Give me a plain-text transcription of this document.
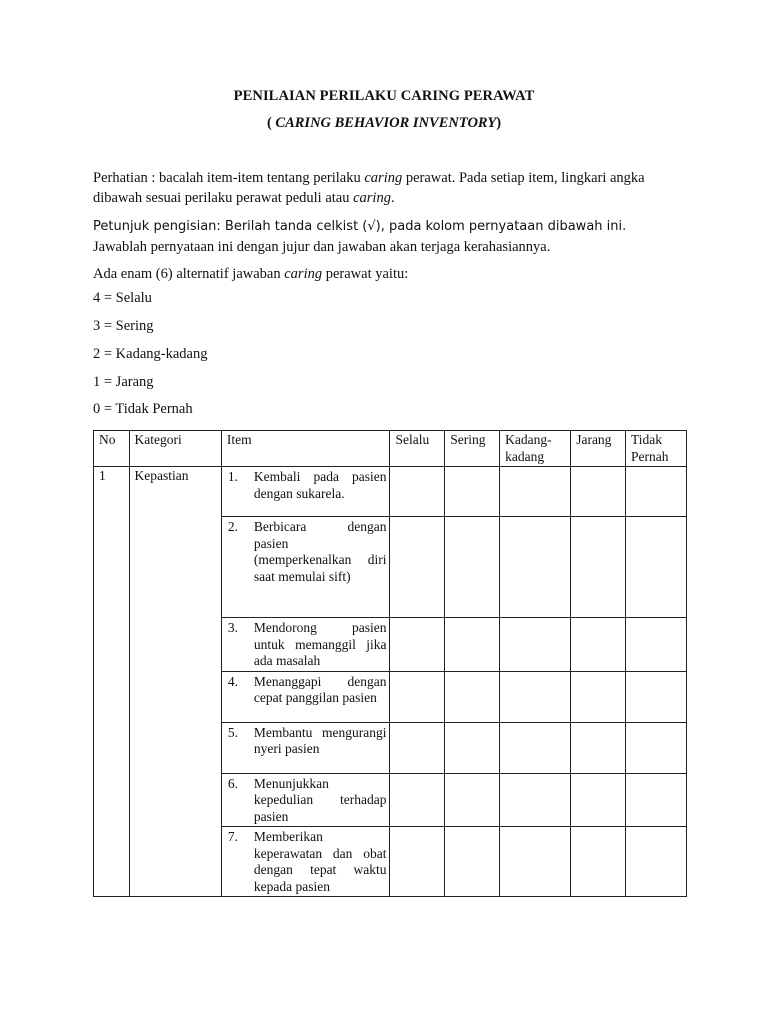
PENILAIAN PERILAKU CARING PERAWAT
( CARING BEHAVIOR INVENTORY)
Perhatian : bacalah item-item tentang perilaku caring perawat. Pada setiap item, lingkari angka dibawah sesuai perilaku perawat peduli atau caring.
Petunjuk pengisian: Berilah tanda celkist (√), pada kolom pernyataan dibawah ini. Jawablah pernyataan ini dengan jujur dan jawaban akan terjaga kerahasiannya.
Ada enam (6) alternatif jawaban caring perawat yaitu:
4 = Selalu
3 = Sering
2 = Kadang-kadang
1 = Jarang
0 = Tidak Pernah
No	Kategori	Item	Selalu	Sering	Kadang-kadang	Jarang	Tidak Pernah
1	Kepastian	1. Kembali pada pasien dengan sukarela.					

		2. Berbicara dengan pasien (memperkenalkan diri saat memulai sift)					

		3. Mendorong pasien untuk memanggil jika ada masalah					

		4. Menanggapi dengan cepat panggilan pasien					

		5. Membantu mengurangi nyeri pasien					

		6. Menunjukkan kepedulian terhadap pasien					

		7. Memberikan keperawatan dan obat dengan tepat waktu kepada pasien					
